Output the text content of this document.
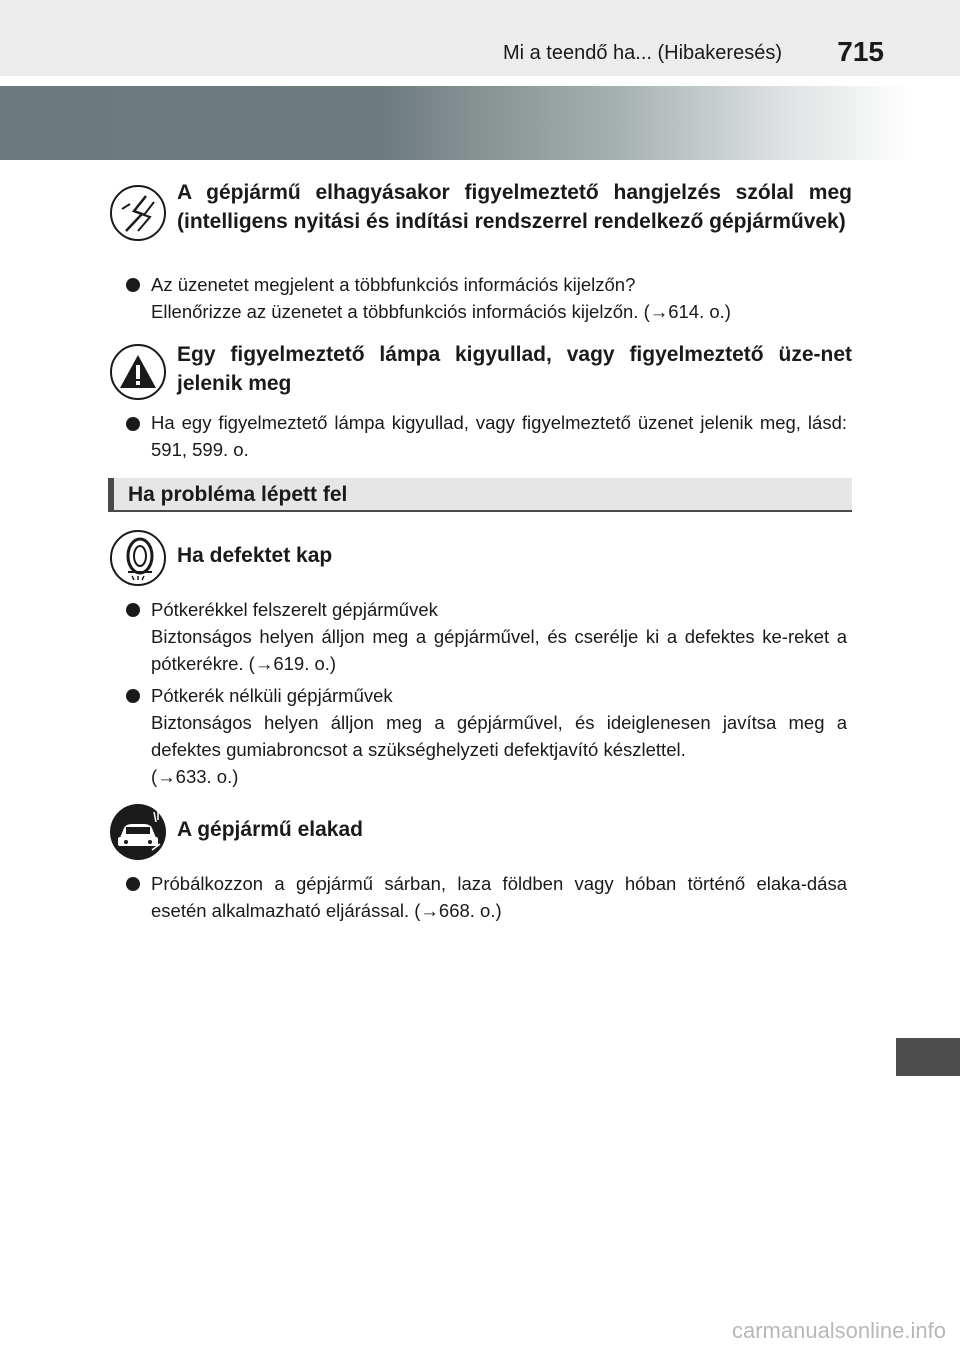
Mi a teendő ha... (Hibakeresés) 715
A gépjármű elhagyásakor figyelmeztető hangjelzés szólal meg (intelligens nyitási és indítási rendszerrel rendelkező gépjárművek)
Az üzenetet megjelent a többfunkciós információs kijelzőn?
Ellenőrizze az üzenetet a többfunkciós információs kijelzőn. (→614. o.)
Egy figyelmeztető lámpa kigyullad, vagy figyelmeztető üze-net jelenik meg
Ha egy figyelmeztető lámpa kigyullad, vagy figyelmeztető üzenet jelenik meg, lásd: 591, 599. o.
Ha probléma lépett fel
Ha defektet kap
Pótkerékkel felszerelt gépjárművek
Biztonságos helyen álljon meg a gépjárművel, és cserélje ki a defektes ke-reket a pótkerékre. (→619. o.)
Pótkerék nélküli gépjárművek
Biztonságos helyen álljon meg a gépjárművel, és ideiglenesen javítsa meg a defektes gumiabroncsot a szükséghelyzeti defektjavító készlettel.
(→633. o.)
A gépjármű elakad
Próbálkozzon a gépjármű sárban, laza földben vagy hóban történő elaka-dása esetén alkalmazható eljárással. (→668. o.)
carmanualsonline.info
